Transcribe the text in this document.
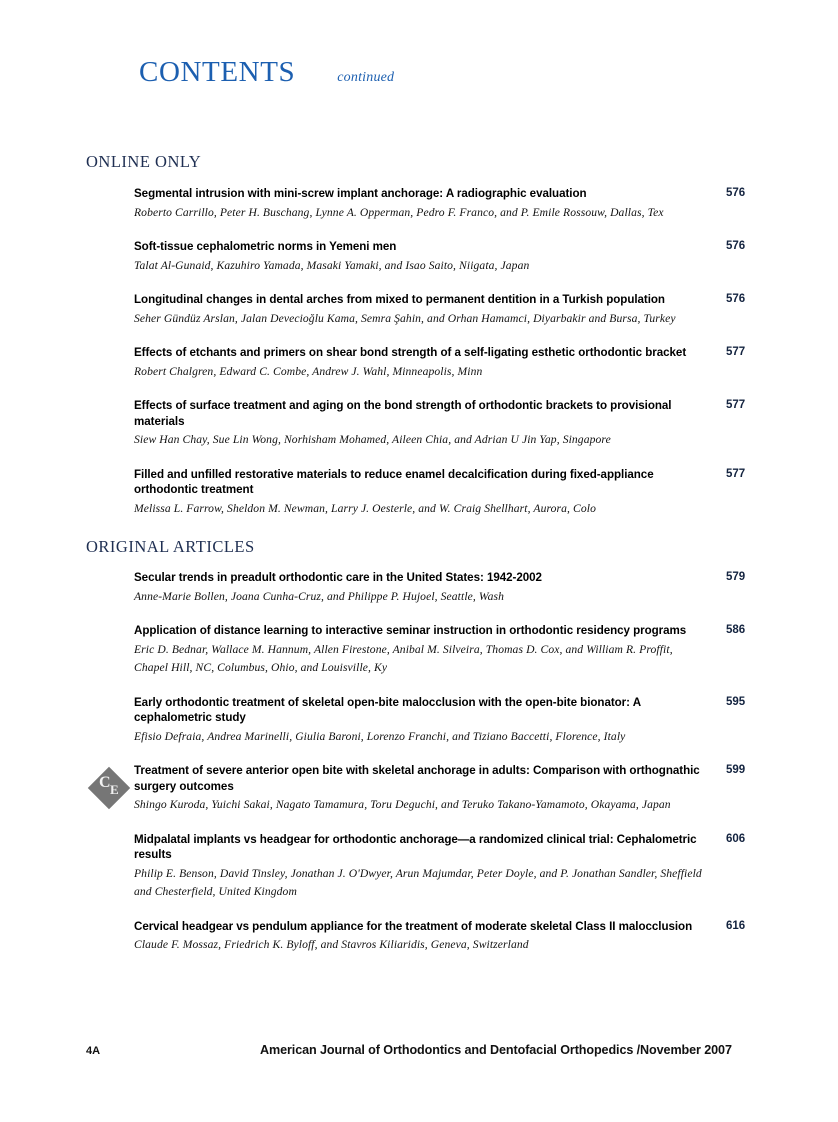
CONTENTS	continued
ONLINE ONLY

Segmental intrusion with mini-screw implant anchorage: A radiographic evaluation

Roberto Carrillo, Peter H. Buschang, Lynne A. Opperman, Pedro F. Franco, and P. Emile Rossouw, Dallas, Tex

576

Soft-tissue cephalometric norms in Yemeni men

Talat Al-Gunaid, Kazuhiro Yamada, Masaki Yamaki, and Isao Saito, Niigata, Japan

576

Longitudinal changes in dental arches from mixed to permanent dentition in a Turkish population

Seher Gündüz Arslan, Jalan Devecioğlu Kama, Semra Şahin, and Orhan Hamamci, Diyarbakir and Bursa, Turkey

576

Effects of etchants and primers on shear bond strength of a self-ligating esthetic orthodontic bracket

Robert Chalgren, Edward C. Combe, Andrew J. Wahl, Minneapolis, Minn

577

Effects of surface treatment and aging on the bond strength of orthodontic brackets to provisional materials

Siew Han Chay, Sue Lin Wong, Norhisham Mohamed, Aileen Chia, and Adrian U Jin Yap, Singapore

577

Filled and unfilled restorative materials to reduce enamel decalcification during fixed-appliance orthodontic treatment

Melissa L. Farrow, Sheldon M. Newman, Larry J. Oesterle, and W. Craig Shellhart, Aurora, Colo

577
ORIGINAL ARTICLES

Secular trends in preadult orthodontic care in the United States: 1942-2002

Anne-Marie Bollen, Joana Cunha-Cruz, and Philippe P. Hujoel, Seattle, Wash

579

Application of distance learning to interactive seminar instruction in orthodontic residency programs

Eric D. Bednar, Wallace M. Hannum, Allen Firestone, Anibal M. Silveira, Thomas D. Cox, and William R. Proffit, Chapel Hill, NC, Columbus, Ohio, and Louisville, Ky

586

Early orthodontic treatment of skeletal open-bite malocclusion with the open-bite bionator: A cephalometric study

Efisio Defraia, Andrea Marinelli, Giulia Baroni, Lorenzo Franchi, and Tiziano Baccetti, Florence, Italy

595
C E

Treatment of severe anterior open bite with skeletal anchorage in adults: Comparison with orthognathic surgery outcomes

Shingo Kuroda, Yuichi Sakai, Nagato Tamamura, Toru Deguchi, and Teruko Takano-Yamamoto, Okayama, Japan

599

Midpalatal implants vs headgear for orthodontic anchorage—a randomized clinical trial: Cephalometric results

Philip E. Benson, David Tinsley, Jonathan J. O'Dwyer, Arun Majumdar, Peter Doyle, and P. Jonathan Sandler, Sheffield and Chesterfield, United Kingdom

606

Cervical headgear vs pendulum appliance for the treatment of moderate skeletal Class II malocclusion

Claude F. Mossaz, Friedrich K. Byloff, and Stavros Kiliaridis, Geneva, Switzerland

616
4A	American Journal of Orthodontics and Dentofacial Orthopedics /November 2007
